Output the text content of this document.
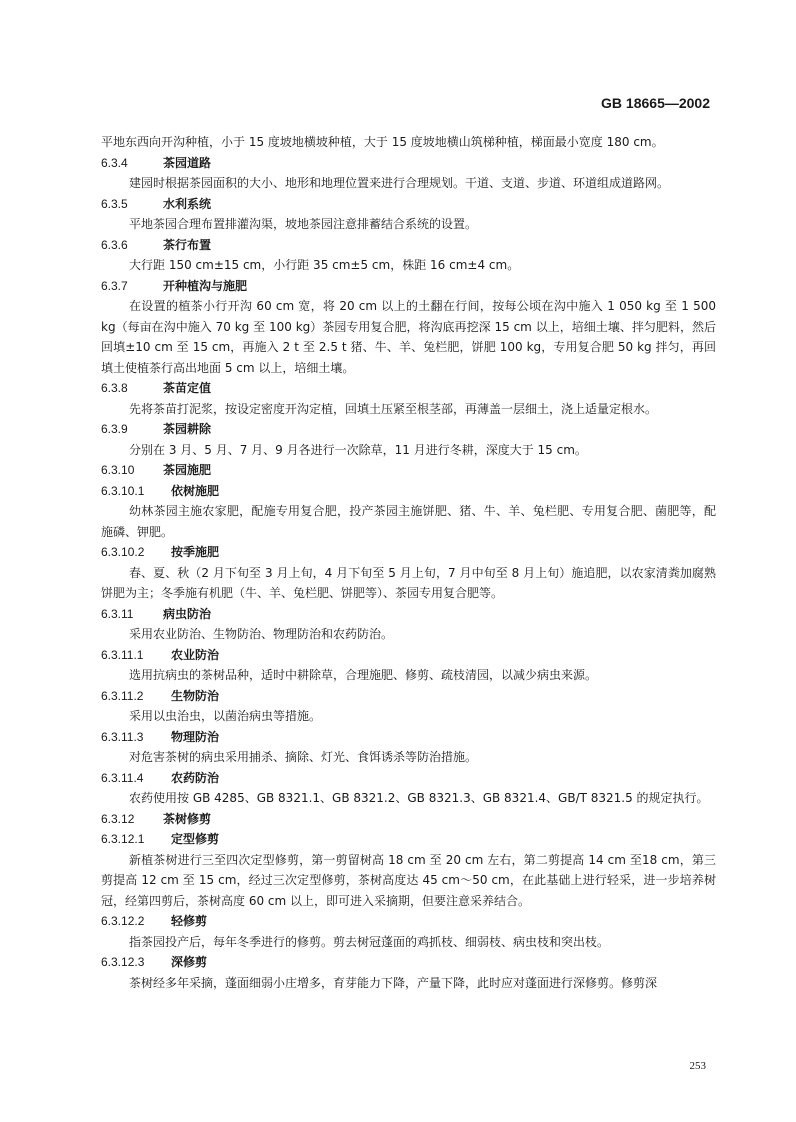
GB 18665—2002

平地东西向开沟种植，小于 15 度坡地横坡种植，大于 15 度坡地横山筑梯种植，梯面最小宽度 180 cm。

6.3.4	茶园道路

建园时根据茶园面积的大小、地形和地理位置来进行合理规划。干道、支道、步道、环道组成道路网。

6.3.5	水利系统

平地茶园合理布置排灌沟渠，坡地茶园注意排蓄结合系统的设置。

6.3.6	茶行布置

大行距 150 cm±15 cm，小行距 35 cm±5 cm，株距 16 cm±4 cm。

6.3.7	开种植沟与施肥

在设置的植茶小行开沟 60 cm 宽，将 20 cm 以上的土翻在行间，按每公顷在沟中施入 1 050 kg 至 1 500 kg（每亩在沟中施入 70 kg 至 100 kg）茶园专用复合肥，将沟底再挖深 15 cm 以上，培细土壤、拌匀肥料，然后回填±10 cm 至 15 cm，再施入 2 t 至 2.5 t 猪、牛、羊、兔栏肥，饼肥 100 kg，专用复合肥 50 kg 拌匀，再回填土使植茶行高出地面 5 cm 以上，培细土壤。

6.3.8	茶苗定值

先将茶苗打泥浆，按设定密度开沟定植，回填土压紧至根茎部，再薄盖一层细土，浇上适量定根水。

6.3.9	茶园耕除

分别在 3 月、5 月、7 月、9 月各进行一次除草，11 月进行冬耕，深度大于 15 cm。

6.3.10	茶园施肥
6.3.10.1	依树施肥

幼林茶园主施农家肥，配施专用复合肥，投产茶园主施饼肥、猪、牛、羊、兔栏肥、专用复合肥、菌肥等，配施磷、钾肥。

6.3.10.2	按季施肥

春、夏、秋（2 月下旬至 3 月上旬，4 月下旬至 5 月上旬，7 月中旬至 8 月上旬）施追肥，以农家清粪加腐熟饼肥为主；冬季施有机肥（牛、羊、兔栏肥、饼肥等）、茶园专用复合肥等。

6.3.11	病虫防治

采用农业防治、生物防治、物理防治和农药防治。

6.3.11.1	农业防治

选用抗病虫的茶树品种，适时中耕除草，合理施肥、修剪、疏枝清园，以减少病虫来源。

6.3.11.2	生物防治

采用以虫治虫，以菌治病虫等措施。

6.3.11.3	物理防治

对危害茶树的病虫采用捕杀、摘除、灯光、食饵诱杀等防治措施。

6.3.11.4	农药防治

农药使用按 GB 4285、GB 8321.1、GB 8321.2、GB 8321.3、GB 8321.4、GB/T 8321.5 的规定执行。

6.3.12	茶树修剪
6.3.12.1	定型修剪

新植茶树进行三至四次定型修剪，第一剪留树高 18 cm 至 20 cm 左右，第二剪提高 14 cm 至18 cm，第三剪提高 12 cm 至 15 cm，经过三次定型修剪，茶树高度达 45 cm～50 cm，在此基础上进行轻采，进一步培养树冠，经第四剪后，茶树高度 60 cm 以上，即可进入采摘期，但要注意采养结合。

6.3.12.2	轻修剪

指茶园投产后，每年冬季进行的修剪。剪去树冠蓬面的鸡抓枝、细弱枝、病虫枝和突出枝。

6.3.12.3	深修剪

茶树经多年采摘，蓬面细弱小庄增多，育芽能力下降，产量下降，此时应对蓬面进行深修剪。修剪深

253
